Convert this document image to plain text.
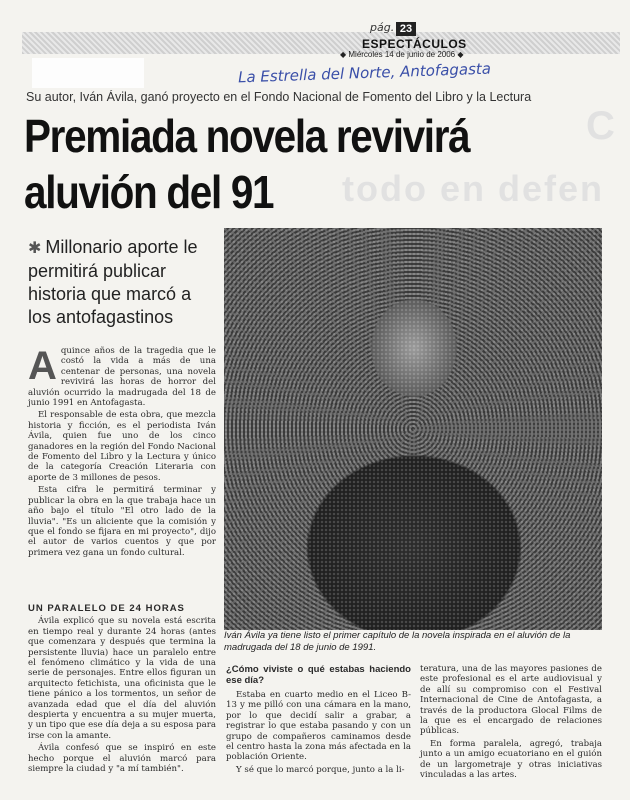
pág. 23
ESPECTÁCULOS
◆ Miércoles 14 de junio de 2006 ◆
La Estrella del Norte, Antofagasta
Su autor, Iván Ávila, ganó proyecto en el Fondo Nacional de Fomento del Libro y la Lectura
C
todo en defen
Premiada novela revivirá
aluvión del 91
✱ Millonario aporte le permitirá publicar historia que marcó a los antofagastinos
Iván Ávila ya tiene listo el primer capítulo de la novela inspirada en el aluvión de la madrugada del 18 de junio de 1991.

Aquince años de la tragedia que le costó la vida a más de una centenar de personas, una novela revivirá las horas de horror del aluvión ocurrido la madrugada del 18 de junio 1991 en Antofagasta.

El responsable de esta obra, que mezcla historia y ficción, es el periodista Iván Ávila, quien fue uno de los cinco ganadores en la región del Fondo Nacional de Fomento del Libro y la Lectura y único de la categoría Creación Literaria con aporte de 3 millones de pesos.

Esta cifra le permitirá terminar y publicar la obra en la que trabaja hace un año bajo el título "El otro lado de la lluvia". "Es un aliciente que la comisión y que el fondo se fijara en mi proyecto", dijo el autor de varios cuentos y que por primera vez gana un fondo cultural.

UN PARALELO DE 24 HORAS

Ávila explicó que su novela está escrita en tiempo real y durante 24 horas (antes que comenzara y después que termina la persistente lluvia) hace un paralelo entre el fenómeno climático y la vida de una serie de personajes. Entre ellos figuran un arquitecto fetichista, una oficinista que le tiene pánico a los tormentos, un señor de avanzada edad que el día del aluvión despierta y encuentra a su mujer muerta, y un tipo que ese día deja a su esposa para irse con la amante.

Ávila confesó que se inspiró en este hecho porque el aluvión marcó para siempre la ciudad y "a mí también".

¿Cómo viviste o qué estabas haciendo ese día?

Estaba en cuarto medio en el Liceo B-13 y me pilló con una cámara en la mano, por lo que decidí salir a grabar, a registrar lo que estaba pasando y con un grupo de compañeros caminamos desde el centro hasta la zona más afectada en la población Oriente.

Y sé que lo marcó porque, junto a la li-

teratura, una de las mayores pasiones de este profesional es el arte audiovisual y de allí su compromiso con el Festival Internacional de Cine de Antofagasta, a través de la productora Glocal Films de la que es el encargado de relaciones públicas.

En forma paralela, agregó, trabaja junto a un amigo ecuatoriano en el guión de un largometraje y otras iniciativas vinculadas a las artes.
